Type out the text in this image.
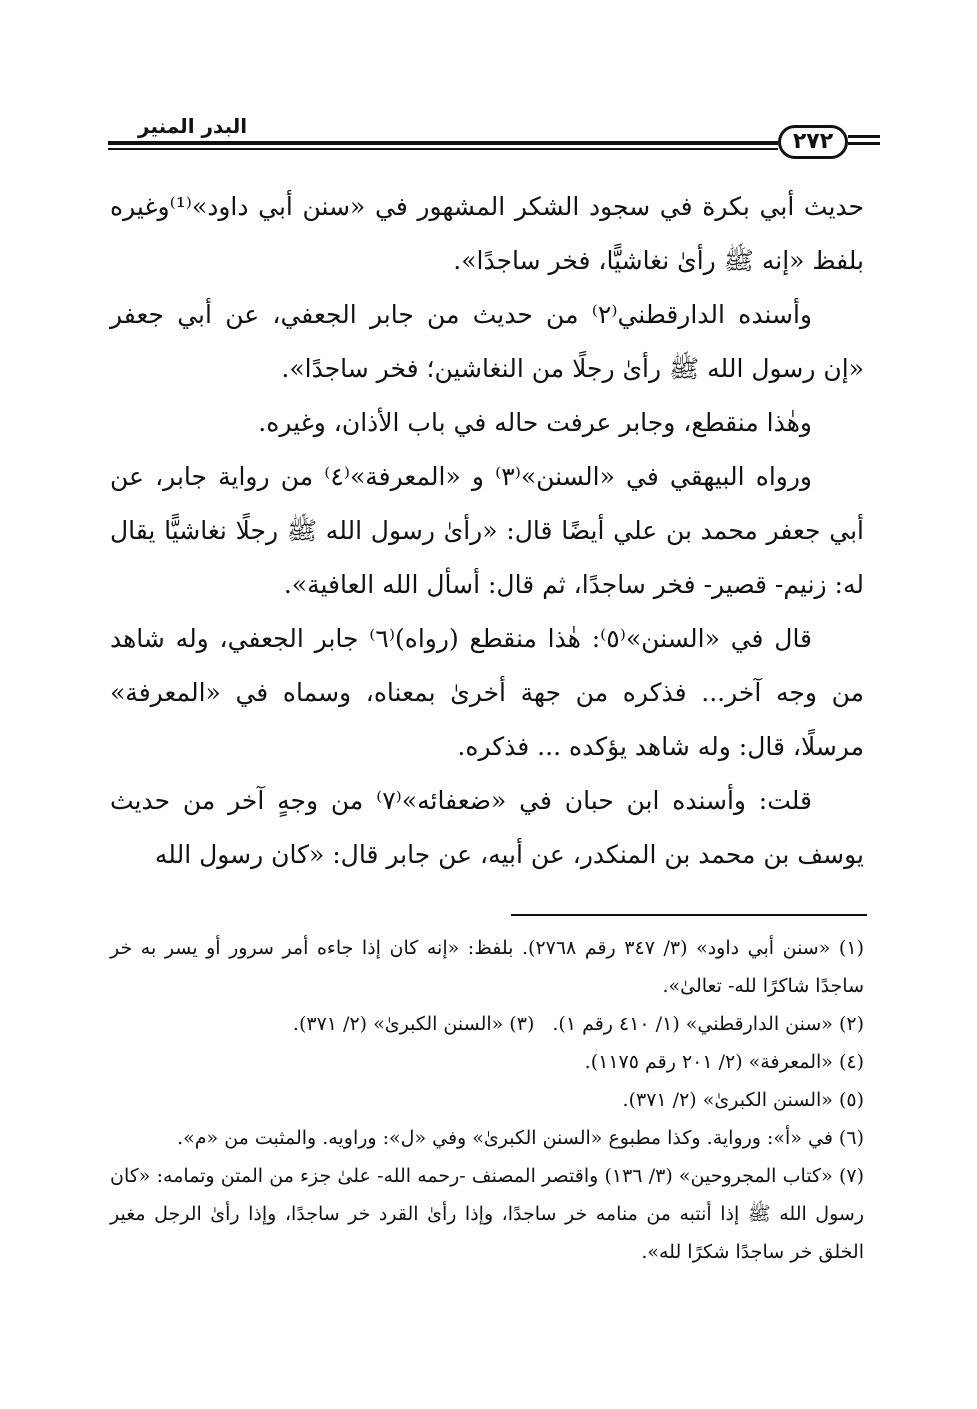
البدر المنير
٢٧٢

حديث أبي بكرة في سجود الشكر المشهور في «سنن أبي داود»⁽¹⁾وغيره بلفظ «إنه ﷺ رأىٰ نغاشيًّا، فخر ساجدًا».

وأسنده الدارقطني⁽٢⁾ من حديث من جابر الجعفي، عن أبي جعفر «إن رسول الله ﷺ رأىٰ رجلًا من النغاشين؛ فخر ساجدًا».

وهٰذا منقطع، وجابر عرفت حاله في باب الأذان، وغيره.

ورواه البيهقي في «السنن»⁽٣⁾ و «المعرفة»⁽٤⁾ من رواية جابر، عن أبي جعفر محمد بن علي أيضًا قال: «رأىٰ رسول الله ﷺ رجلًا نغاشيًّا يقال له: زنيم- قصير- فخر ساجدًا، ثم قال: أسأل الله العافية».

قال في «السنن»⁽٥⁾: هٰذا منقطع (رواه)⁽٦⁾ جابر الجعفي، وله شاهد من وجه آخر... فذكره من جهة أخرىٰ بمعناه، وسماه في «المعرفة» مرسلًا، قال: وله شاهد يؤكده ... فذكره.

قلت: وأسنده ابن حبان في «ضعفائه»⁽٧⁾ من وجهٍ آخر من حديث يوسف بن محمد بن المنكدر، عن أبيه، عن جابر قال: «كان رسول الله

(١) «سنن أبي داود» (٣/ ٣٤٧ رقم ٢٧٦٨). بلفظ: «إنه كان إذا جاءه أمر سرور أو يسر به خر ساجدًا شاكرًا لله- تعالىٰ».

(٢) «سنن الدارقطني» (١/ ٤١٠ رقم ١).(٣) «السنن الكبرىٰ» (٢/ ٣٧١).

(٤) «المعرفة» (٢/ ٢٠١ رقم ١١٧٥).

(٥) «السنن الكبرىٰ» (٢/ ٣٧١).

(٦) في «أ»: ورواية. وكذا مطبوع «السنن الكبرىٰ» وفي «ل»: وراويه. والمثبت من «م».

(٧) «كتاب المجروحين» (٣/ ١٣٦) واقتصر المصنف -رحمه الله- علىٰ جزء من المتن وتمامه: «كان رسول الله ﷺ إذا أنتبه من منامه خر ساجدًا، وإذا رأىٰ القرد خر ساجدًا، وإذا رأىٰ الرجل مغير الخلق خر ساجدًا شكرًا لله».
